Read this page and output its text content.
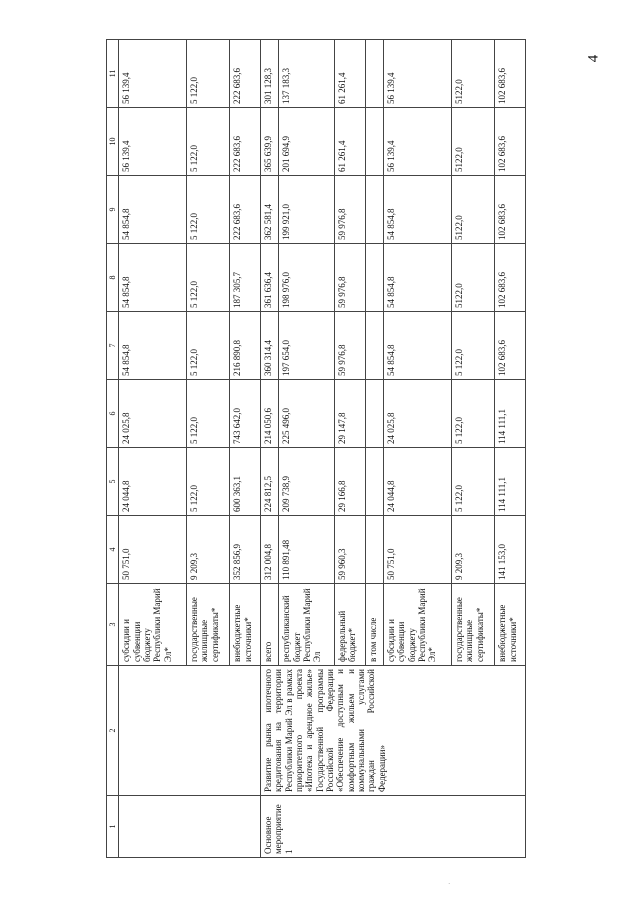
4
1	2	3	4	5	6	7	8	9	10	11
		субсидии и субвенции бюджету Республики Марий Эл*	50 751,0	24 044,8	24 025,8	54 854,8	54 854,8	54 854,8	56 139,4	56 139,4
		государственные жилищные сертификаты*	9 209,3	5 122,0	5 122,0	5 122,0	5 122,0	5 122,0	5 122,0	5 122,0
		внебюджетные источники*	352 856,9	600 363,1	743 642,0	216 890,8	187 305,7	222 683,6	222 683,6	222 683,6
Основное мероприятие 1	Развитие рынка ипотечного кредитования на территории Республики Марий Эл в рамках приоритетного проекта «Ипотека и арендное жилье» Государственной программы Российской Федерации «Обеспечение доступным и комфортным жильем и коммунальными услугами граждан Российской Федерации»	всего	312 004,8	224 812,5	214 050,6	360 314,4	361 636,4	362 581,4	365 639,9	301 128,3
		республиканский бюджет Республики Марий Эл	110 891,48	209 738,9	225 496,0	197 654,0	198 976,0	199 921,0	201 694,9	137 183,3
		федеральный бюджет*	59 960,3	29 166,8	29 147,8	59 976,8	59 976,8	59 976,8	61 261,4	61 261,4
		в том числе								
		субсидии и субвенции бюджету Республики Марий Эл*	50 751,0	24 044,8	24 025,8	54 854,8	54 854,8	54 854,8	56 139,4	56 139,4
		государственные жилищные сертификаты*	9 209,3	5 122,0	5 122,0	5 122,0	5122,0	5122,0	5122,0	5122,0
		внебюджетные источники*	141 153,0	114 111,1	114 111,1	102 683,6	102 683,6	102 683,6	102 683,6	102 683,6
·
